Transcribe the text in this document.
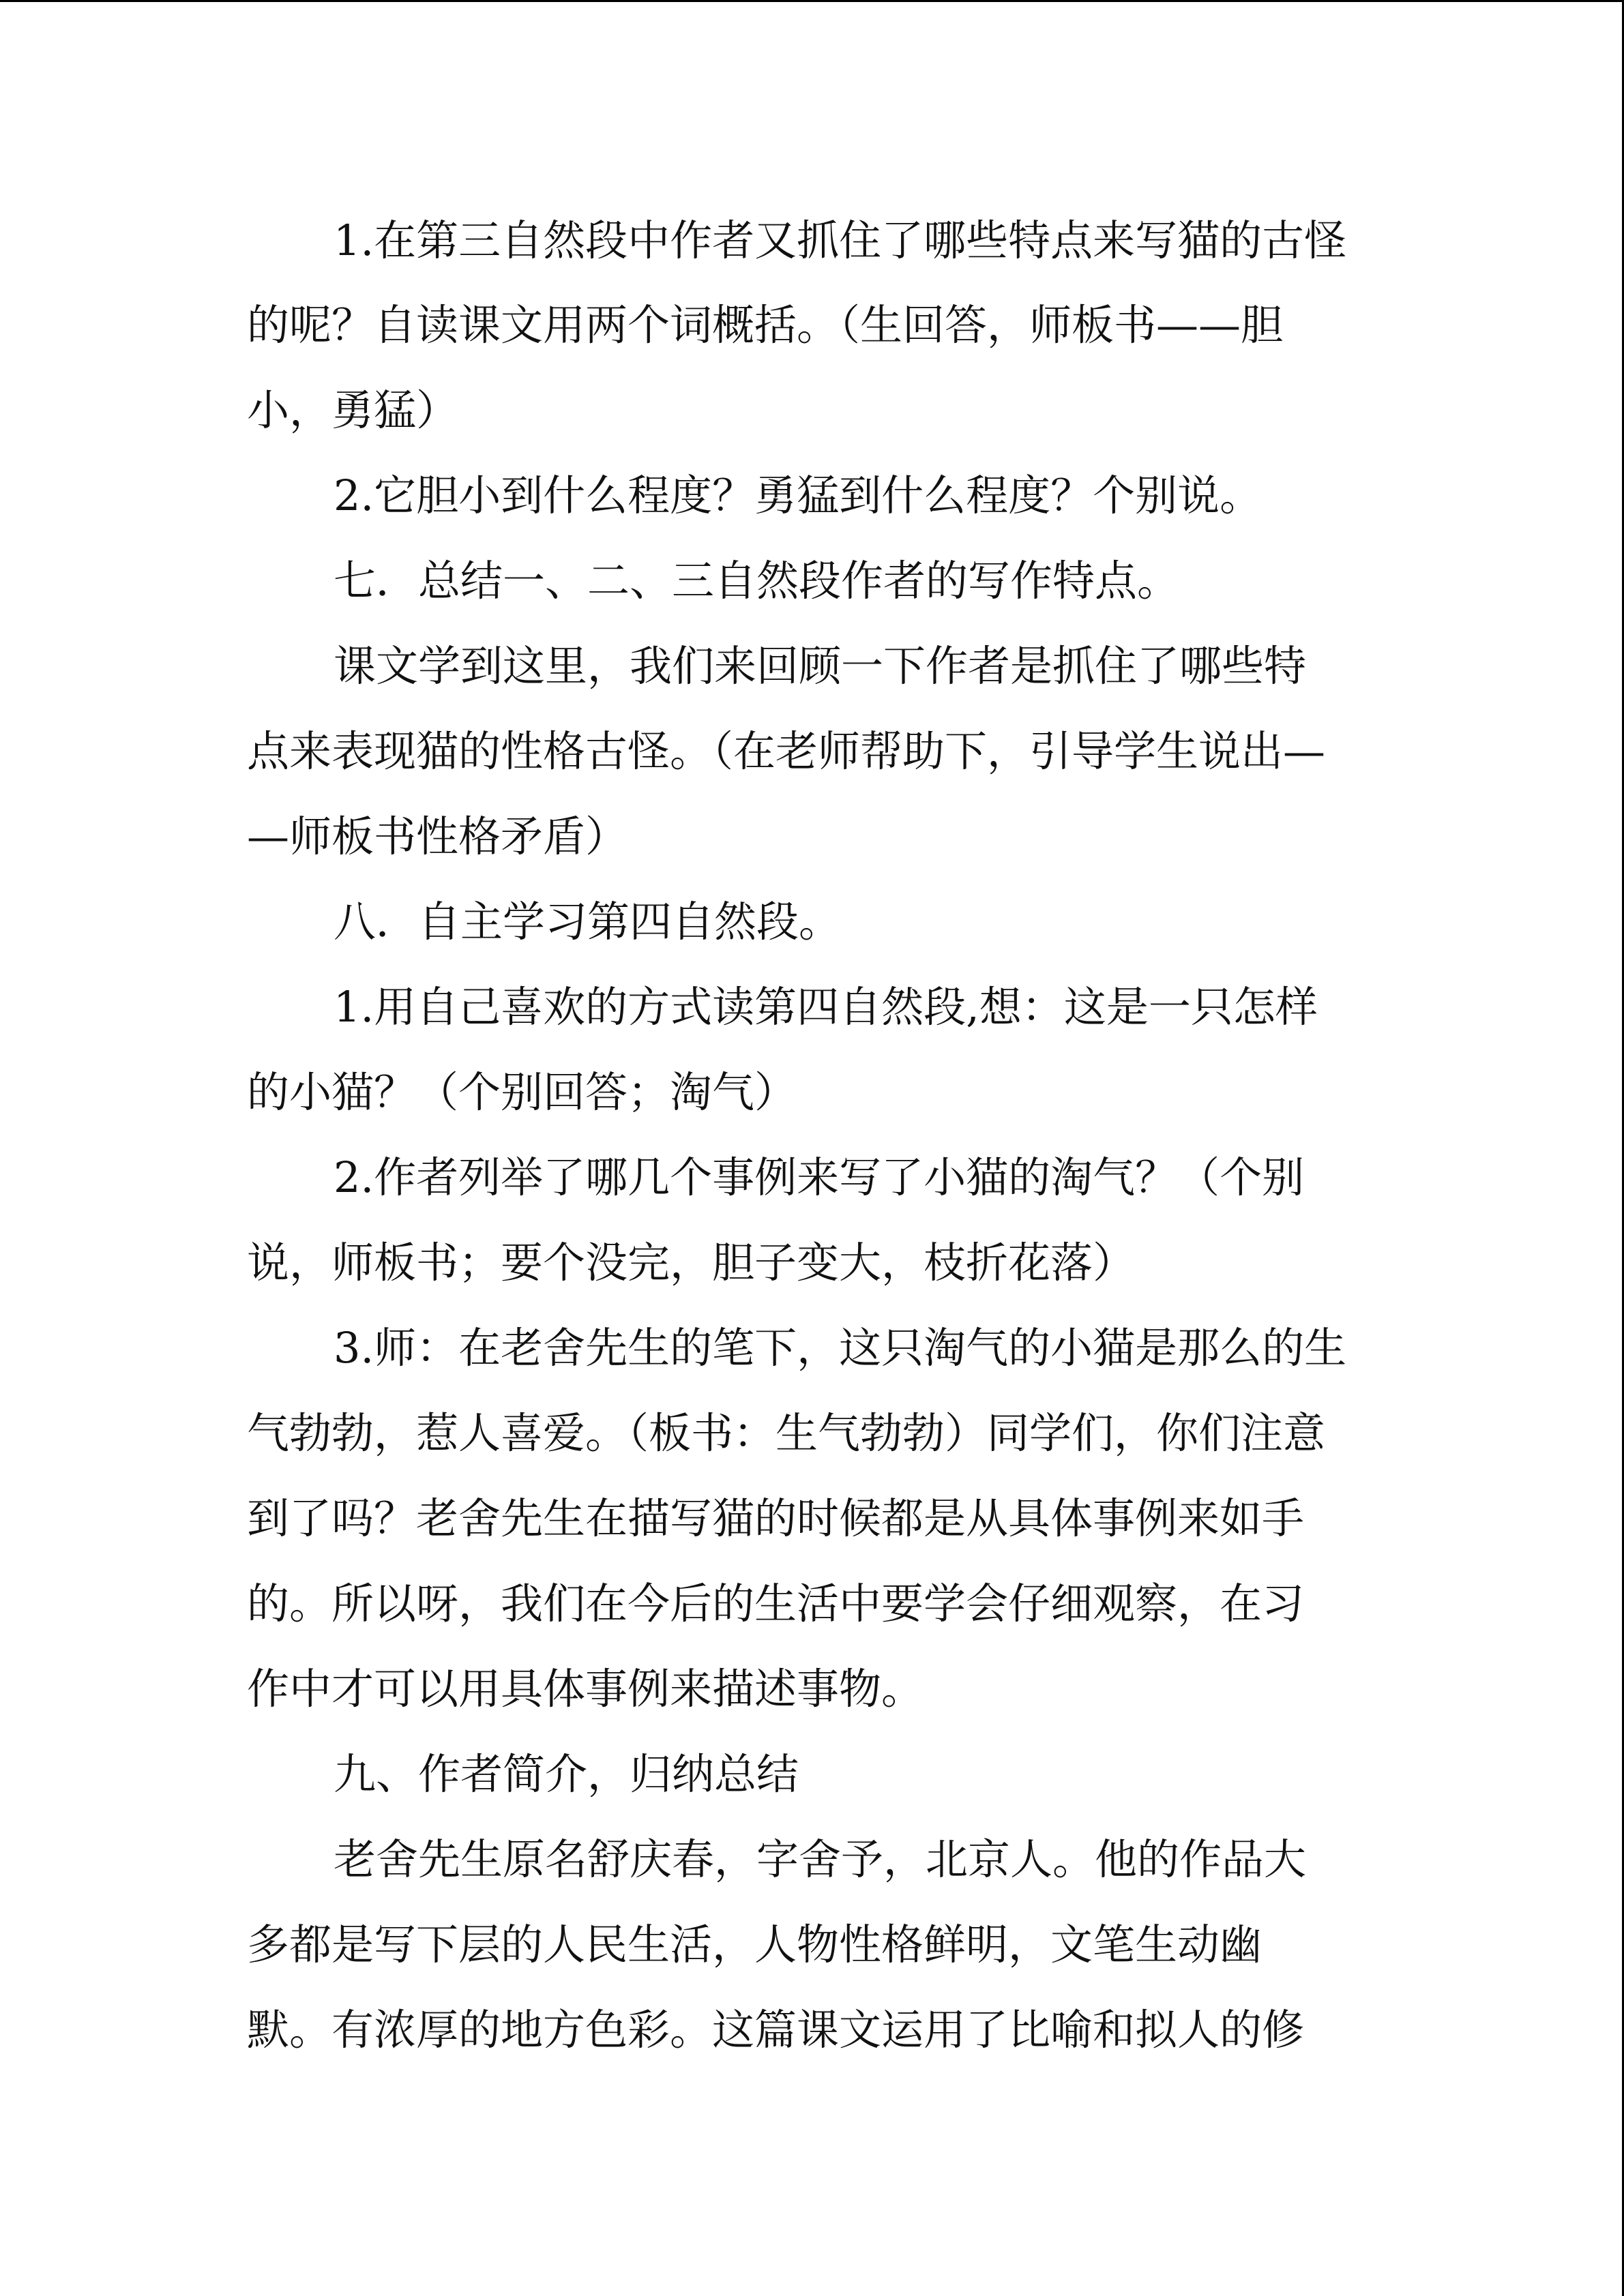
1.在第三自然段中作者又抓住了哪些特点来写猫的古怪
的呢？自读课文用两个词概括。（生回答，师板书——胆
小，勇猛）
2.它胆小到什么程度？勇猛到什么程度？个别说。
七．总结一、二、三自然段作者的写作特点。
课文学到这里，我们来回顾一下作者是抓住了哪些特
点来表现猫的性格古怪。（在老师帮助下，引导学生说出—
—师板书性格矛盾）
八．自主学习第四自然段。
1.用自己喜欢的方式读第四自然段,想：这是一只怎样
的小猫？（个别回答；淘气）
2.作者列举了哪几个事例来写了小猫的淘气？（个别
说，师板书；要个没完，胆子变大，枝折花落）
3.师：在老舍先生的笔下，这只淘气的小猫是那么的生
气勃勃，惹人喜爱。（板书：生气勃勃）同学们，你们注意
到了吗？老舍先生在描写猫的时候都是从具体事例来如手
的。所以呀，我们在今后的生活中要学会仔细观察，在习
作中才可以用具体事例来描述事物。
九、作者简介，归纳总结
老舍先生原名舒庆春，字舍予，北京人。他的作品大
多都是写下层的人民生活，人物性格鲜明，文笔生动幽
默。有浓厚的地方色彩。这篇课文运用了比喻和拟人的修
